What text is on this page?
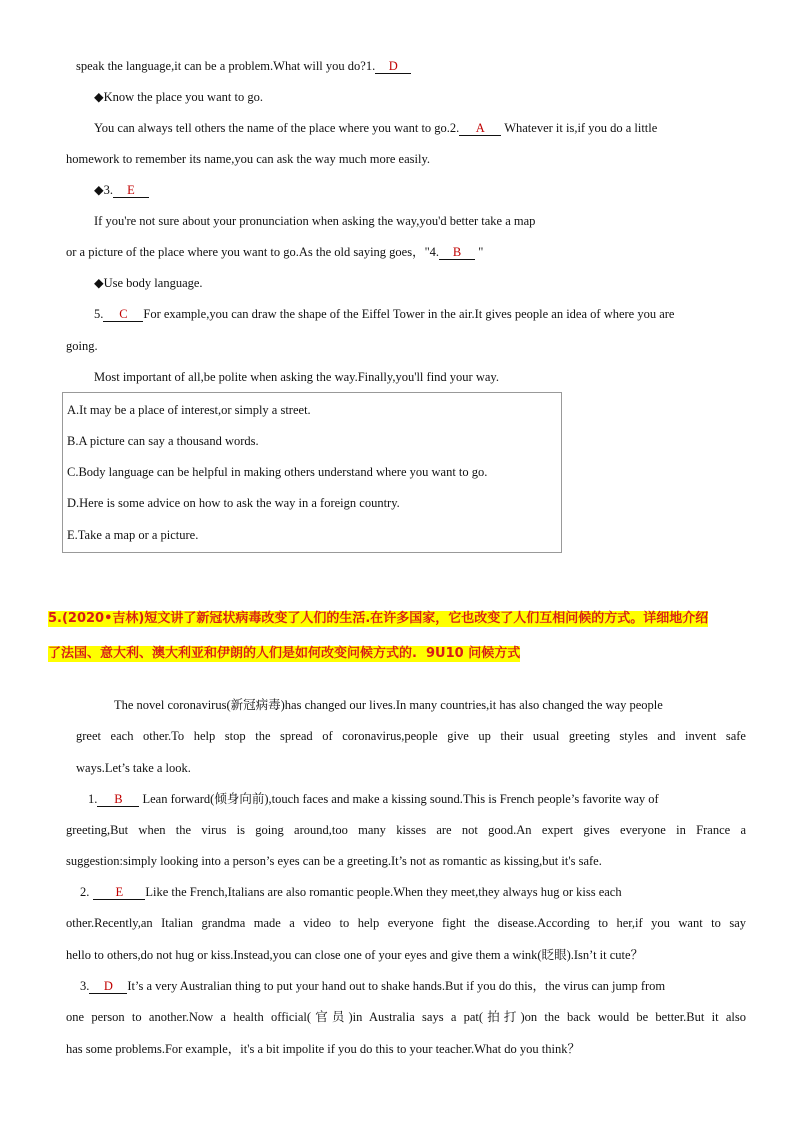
speak the language,it can be a problem.What will you do?1. D
◆Know the place you want to go.
You can always tell others the name of the place where you want to go.2. A Whatever it is,if you do a little
homework to remember its name,you can ask the way much more easily.
◆3. E
If you're not sure about your pronunciation when asking the way,you'd better take a map
or a picture of the place where you want to go.As the old saying goes，"4. B "
◆Use body language.
5. C For example,you can draw the shape of the Eiffel Tower in the air.It gives people an idea of where you are
going.
Most important of all,be polite when asking the way.Finally,you'll find your way.
A.It may be a place of interest,or simply a street.
B.A picture can say a thousand words.
C.Body language can be helpful in making others understand where you want to go.
D.Here is some advice on how to ask the way in a foreign country.
E.Take a map or a picture.
5.(2020•吉林)短文讲了新冠状病毒改变了人们的生活.在许多国家，它也改变了人们互相问候的方式。详细地介绍
了法国、意大利、澳大利亚和伊朗的人们是如何改变问候方式的. 9U10 问候方式
The novel coronavirus(新冠病毒)has changed our lives.In many countries,it has also changed the way people
greet each other.To help stop the spread of coronavirus,people give up their usual greeting styles and invent safe
ways.Let’s take a look.
1. B Lean forward(倾身向前),touch faces and make a kissing sound.This is French people’s favorite way of
greeting,But when the virus is going around,too many kisses are not good.An expert gives everyone in France a
suggestion:simply looking into a person’s eyes can be a greeting.It’s not as romantic as kissing,but it's safe.
2. E Like the French,Italians are also romantic people.When they meet,they always hug or kiss each
other.Recently,an Italian grandma made a video to help everyone fight the disease.According to her,if you want to say
hello to others,do not hug or kiss.Instead,you can close one of your eyes and give them a wink(眨眼).Isn’t it cute？
3. D It’s a very Australian thing to put your hand out to shake hands.But if you do this，the virus can jump from
one person to another.Now a health official(官员)in Australia says a pat(拍打)on the back would be better.But it also
has some problems.For example，it's a bit impolite if you do this to your teacher.What do you think？
